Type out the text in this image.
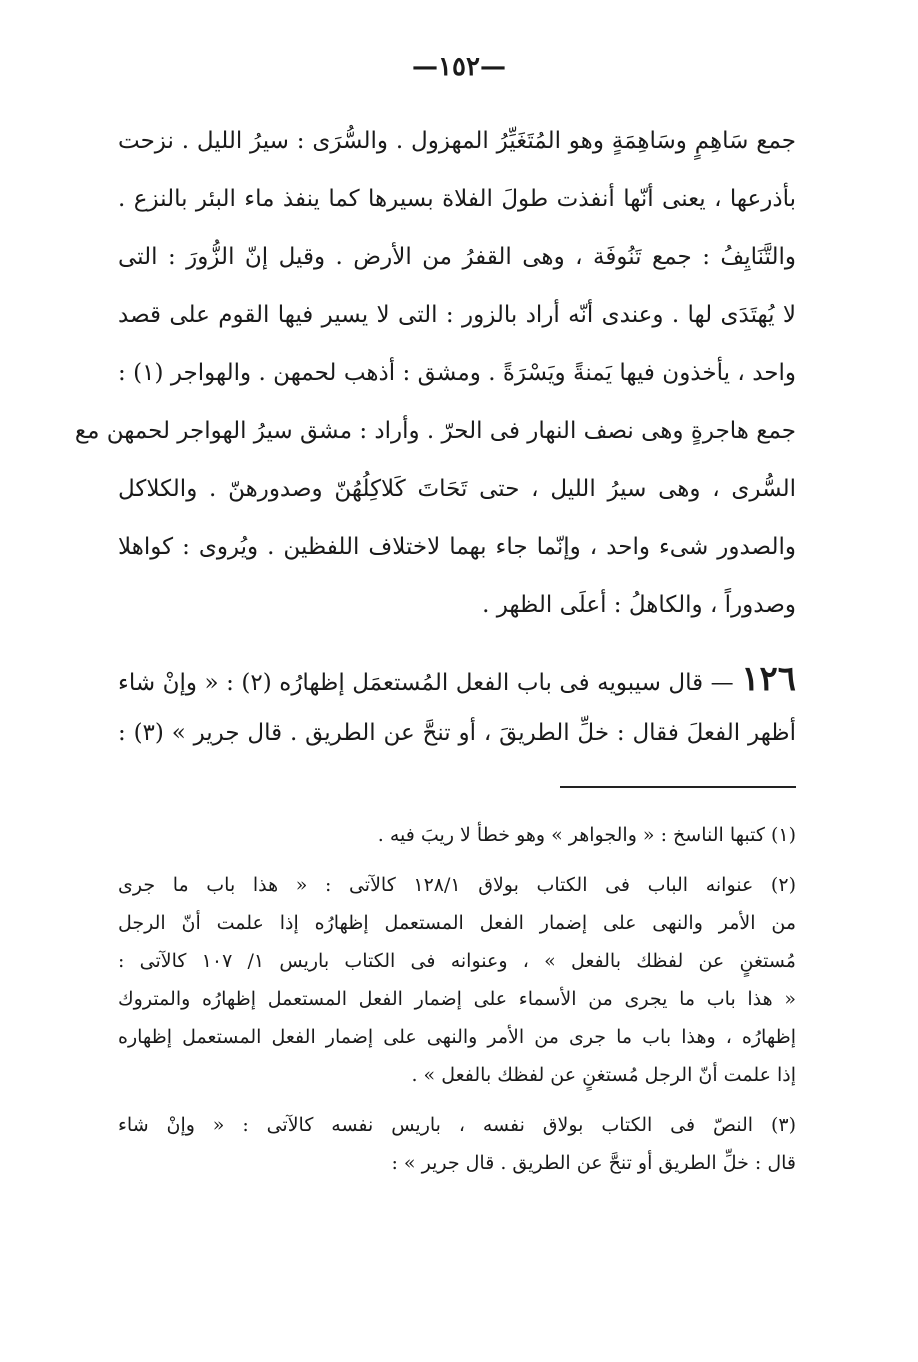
—١٥٢—
جمع سَاهِمٍ وسَاهِمَةٍ وهو المُتَغَيِّرُ المهزول . والسُّرَى : سيرُ الليل . نزحت
بأذرعها ، يعنى أنّها أنفذت طولَ الفلاة بسيرها كما ينفذ ماء البئر بالنزع .
والتَّنَايِفُ : جمع تَنُوفَة ، وهى القفرُ من الأرض . وقيل إنّ الزُّورَ : التى
لا يُهتَدَى لها . وعندى أنّه أراد بالزور : التى لا يسير فيها القوم على قصد
واحد ، يأخذون فيها يَمنةً ويَسْرَةً . ومشق : أذهب لحمهن . والهواجر (١) :
جمع هاجرةٍ وهى نصف النهار فى الحرّ . وأراد : مشق سيرُ الهواجر لحمهن مع
السُّرى ، وهى سيرُ الليل ، حتى تَحَاتَ كَلاكِلُهُنّ وصدورهنّ . والكلاكل
والصدور شىء واحد ، وإنّما جاء بهما لاختلاف اللفظين . ويُروى : كواهلا
وصدوراً ، والكاهلُ : أعلَى الظهر .
١٢٦ — قال سيبويه فى باب الفعل المُستعمَل إظهارُه (٢) : « وإنْ شاء
أظهر الفعلَ فقال : خلِّ الطريقَ ، أو تنحَّ عن الطريق . قال جرير » (٣) :
(١) كتبها الناسخ : « والجواهر » وهو خطأ لا ريبَ فيه .
(٢) عنوانه الباب فى الكتاب بولاق ١٢٨/١ كالآتى : « هذا باب ما جرى
من الأمر والنهى على إضمار الفعل المستعمل إظهارُه إذا علمت أنّ الرجل
مُستغنٍ عن لفظك بالفعل » ، وعنوانه فى الكتاب باريس ١/ ١٠٧ كالآتى :
« هذا باب ما يجرى من الأسماء على إضمار الفعل المستعمل إظهارُه والمتروك
إظهارُه ، وهذا باب ما جرى من الأمر والنهى على إضمار الفعل المستعمل إظهاره
إذا علمت أنّ الرجل مُستغنٍ عن لفظك بالفعل » .
(٣) النصّ فى الكتاب بولاق نفسه ، باريس نفسه كالآتى : « وإنْ شاء
قال : خلِّ الطريق أو تنحَّ عن الطريق . قال جرير » :
